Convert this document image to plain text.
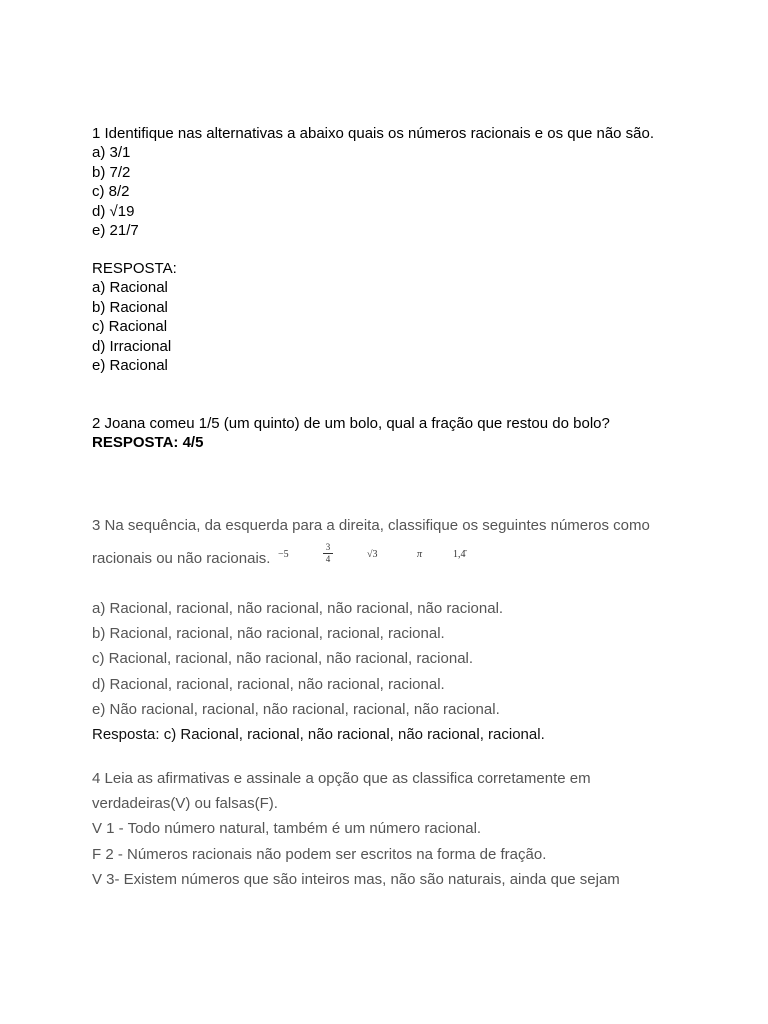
1 Identifique nas alternativas a abaixo quais os números racionais e os que não são.
a) 3/1
b) 7/2
c) 8/2
d) √19
e) 21/7
RESPOSTA:
a) Racional
b) Racional
c) Racional
d) Irracional
e) Racional
2 Joana comeu 1/5 (um quinto) de um bolo, qual a fração que restou do bolo?
RESPOSTA: 4/5
3 Na sequência, da esquerda para a direita, classifique os seguintes números como
racionais ou não racionais. −5	$\frac{3}{4}$	√3	π	1,4̄
a) Racional, racional, não racional, não racional, não racional.
b) Racional, racional, não racional, racional, racional.
c) Racional, racional, não racional, não racional, racional.
d) Racional, racional, racional, não racional, racional.
e) Não racional, racional, não racional, racional, não racional.
Resposta: c) Racional, racional, não racional, não racional, racional.
4 Leia as afirmativas e assinale a opção que as classifica corretamente em
verdadeiras(V) ou falsas(F).
V 1 - Todo número natural, também é um número racional.
F 2 - Números racionais não podem ser escritos na forma de fração.
V 3- Existem números que são inteiros mas, não são naturais, ainda que sejam
